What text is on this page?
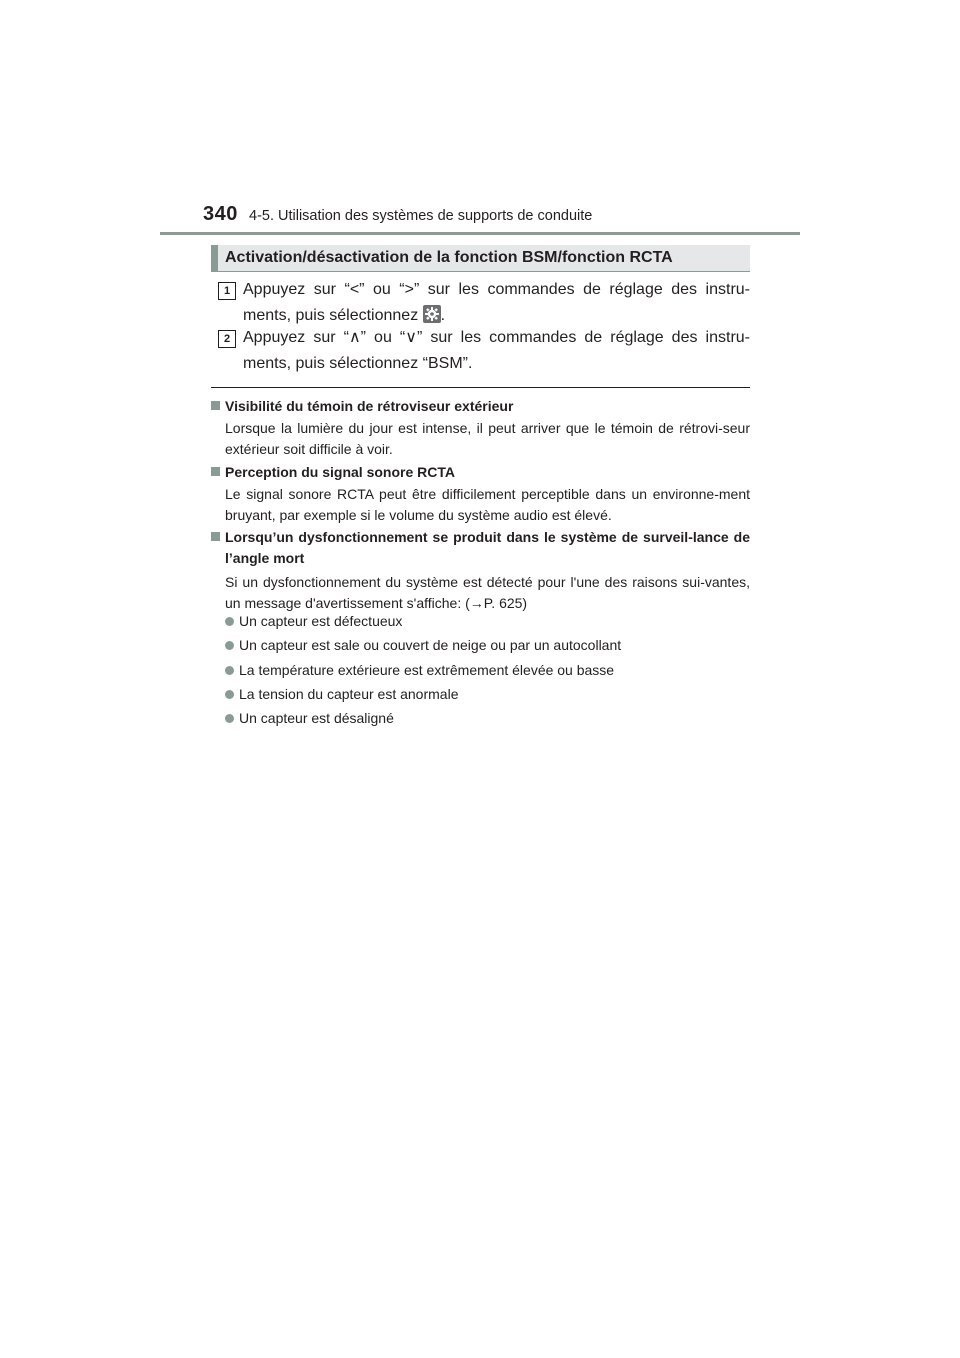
340 4-5. Utilisation des systèmes de supports de conduite
Activation/désactivation de la fonction BSM/fonction RCTA
1 Appuyez sur “<” ou “>” sur les commandes de réglage des instru-ments, puis sélectionnez
.
2 Appuyez sur “∧” ou “∨” sur les commandes de réglage des instru-ments, puis sélectionnez “BSM”.
Visibilité du témoin de rétroviseur extérieur
Lorsque la lumière du jour est intense, il peut arriver que le témoin de rétrovi-seur extérieur soit difficile à voir.
Perception du signal sonore RCTA
Le signal sonore RCTA peut être difficilement perceptible dans un environne-ment bruyant, par exemple si le volume du système audio est élevé.
Lorsqu’un dysfonctionnement se produit dans le système de surveil-lance de l’angle mort
Si un dysfonctionnement du système est détecté pour l'une des raisons sui-vantes, un message d'avertissement s'affiche: (→P. 625)
Un capteur est défectueux
Un capteur est sale ou couvert de neige ou par un autocollant
La température extérieure est extrêmement élevée ou basse
La tension du capteur est anormale
Un capteur est désaligné
